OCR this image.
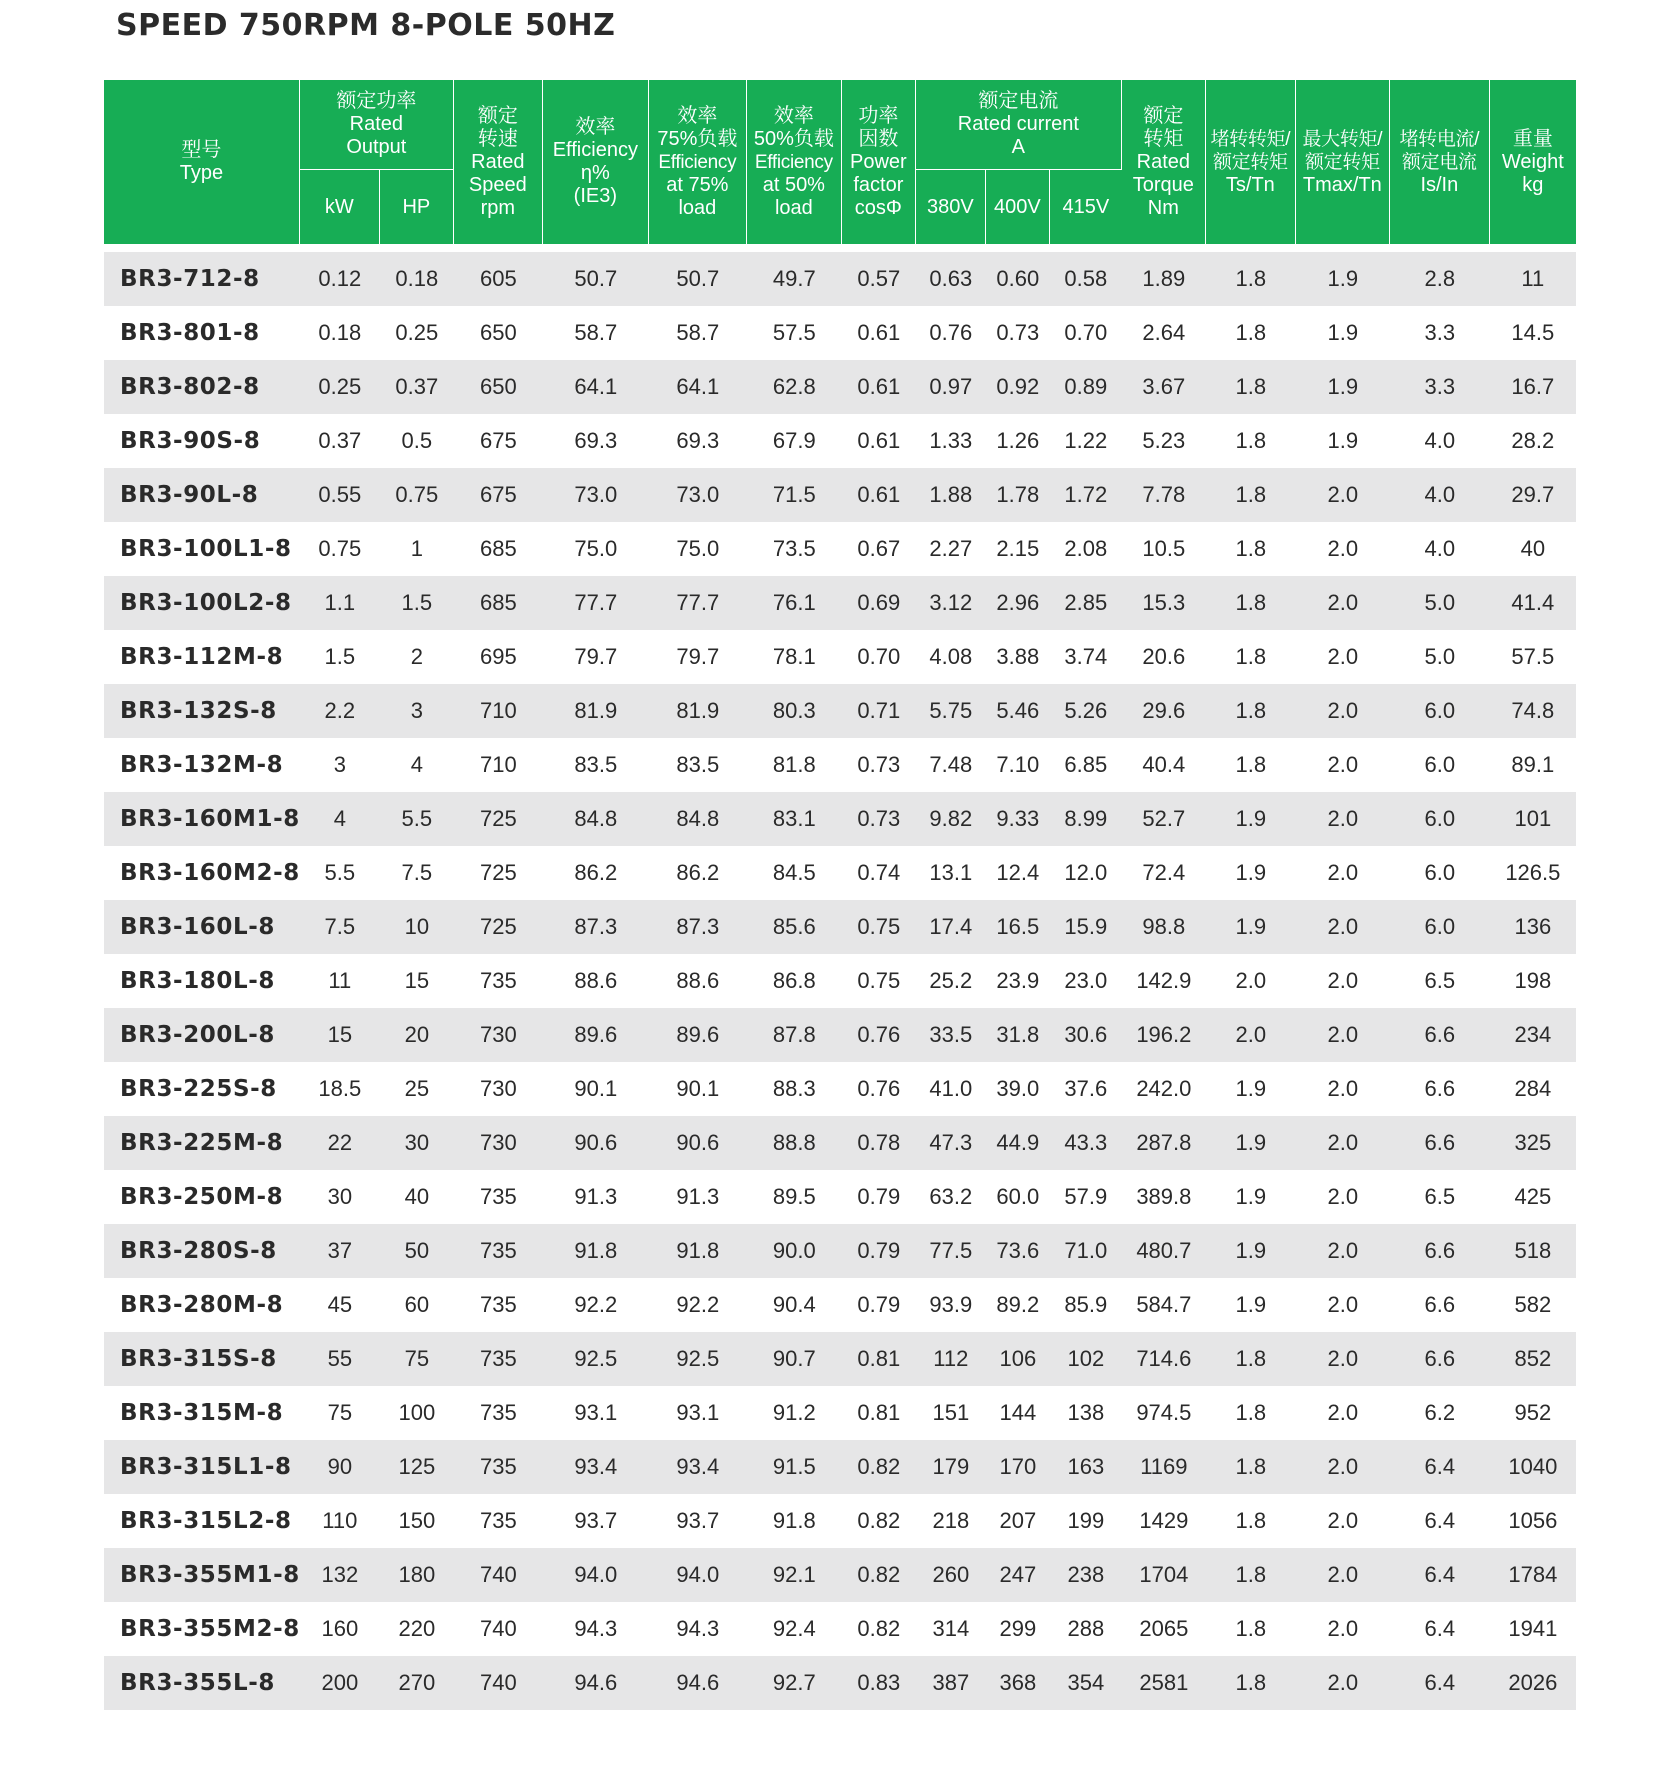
SPEED 750RPM 8-POLE 50HZ
型号
Type	额定功率
Rated
Output		额定
转速
Rated
Speed
rpm	效率
Efficiency
η%
(IE3)	效率
75%负载
Efficiency
at 75%
load	效率
50%负载
Efficiency
at 50%
load	功率
因数
Power
factor
cosΦ	额定电流
Rated current
A			额定
转矩
Rated
Torque
Nm	堵转转矩/
额定转矩
Ts/Tn	最大转矩/
额定转矩
Tmax/Tn	堵转电流/
额定电流
Is/In	重量
Weight
kg

	kW	HP						380V	400V	415V					

BR3-712-8	0.12	0.18	605	50.7	50.7	49.7	0.57	0.63	0.60	0.58	1.89	1.8	1.9	2.8	11
BR3-801-8	0.18	0.25	650	58.7	58.7	57.5	0.61	0.76	0.73	0.70	2.64	1.8	1.9	3.3	14.5
BR3-802-8	0.25	0.37	650	64.1	64.1	62.8	0.61	0.97	0.92	0.89	3.67	1.8	1.9	3.3	16.7
BR3-90S-8	0.37	0.5	675	69.3	69.3	67.9	0.61	1.33	1.26	1.22	5.23	1.8	1.9	4.0	28.2
BR3-90L-8	0.55	0.75	675	73.0	73.0	71.5	0.61	1.88	1.78	1.72	7.78	1.8	2.0	4.0	29.7
BR3-100L1-8	0.75	1	685	75.0	75.0	73.5	0.67	2.27	2.15	2.08	10.5	1.8	2.0	4.0	40
BR3-100L2-8	1.1	1.5	685	77.7	77.7	76.1	0.69	3.12	2.96	2.85	15.3	1.8	2.0	5.0	41.4
BR3-112M-8	1.5	2	695	79.7	79.7	78.1	0.70	4.08	3.88	3.74	20.6	1.8	2.0	5.0	57.5
BR3-132S-8	2.2	3	710	81.9	81.9	80.3	0.71	5.75	5.46	5.26	29.6	1.8	2.0	6.0	74.8
BR3-132M-8	3	4	710	83.5	83.5	81.8	0.73	7.48	7.10	6.85	40.4	1.8	2.0	6.0	89.1
BR3-160M1-8	4	5.5	725	84.8	84.8	83.1	0.73	9.82	9.33	8.99	52.7	1.9	2.0	6.0	101
BR3-160M2-8	5.5	7.5	725	86.2	86.2	84.5	0.74	13.1	12.4	12.0	72.4	1.9	2.0	6.0	126.5
BR3-160L-8	7.5	10	725	87.3	87.3	85.6	0.75	17.4	16.5	15.9	98.8	1.9	2.0	6.0	136
BR3-180L-8	11	15	735	88.6	88.6	86.8	0.75	25.2	23.9	23.0	142.9	2.0	2.0	6.5	198
BR3-200L-8	15	20	730	89.6	89.6	87.8	0.76	33.5	31.8	30.6	196.2	2.0	2.0	6.6	234
BR3-225S-8	18.5	25	730	90.1	90.1	88.3	0.76	41.0	39.0	37.6	242.0	1.9	2.0	6.6	284
BR3-225M-8	22	30	730	90.6	90.6	88.8	0.78	47.3	44.9	43.3	287.8	1.9	2.0	6.6	325
BR3-250M-8	30	40	735	91.3	91.3	89.5	0.79	63.2	60.0	57.9	389.8	1.9	2.0	6.5	425
BR3-280S-8	37	50	735	91.8	91.8	90.0	0.79	77.5	73.6	71.0	480.7	1.9	2.0	6.6	518
BR3-280M-8	45	60	735	92.2	92.2	90.4	0.79	93.9	89.2	85.9	584.7	1.9	2.0	6.6	582
BR3-315S-8	55	75	735	92.5	92.5	90.7	0.81	112	106	102	714.6	1.8	2.0	6.6	852
BR3-315M-8	75	100	735	93.1	93.1	91.2	0.81	151	144	138	974.5	1.8	2.0	6.2	952
BR3-315L1-8	90	125	735	93.4	93.4	91.5	0.82	179	170	163	1169	1.8	2.0	6.4	1040
BR3-315L2-8	110	150	735	93.7	93.7	91.8	0.82	218	207	199	1429	1.8	2.0	6.4	1056
BR3-355M1-8	132	180	740	94.0	94.0	92.1	0.82	260	247	238	1704	1.8	2.0	6.4	1784
BR3-355M2-8	160	220	740	94.3	94.3	92.4	0.82	314	299	288	2065	1.8	2.0	6.4	1941
BR3-355L-8	200	270	740	94.6	94.6	92.7	0.83	387	368	354	2581	1.8	2.0	6.4	2026
